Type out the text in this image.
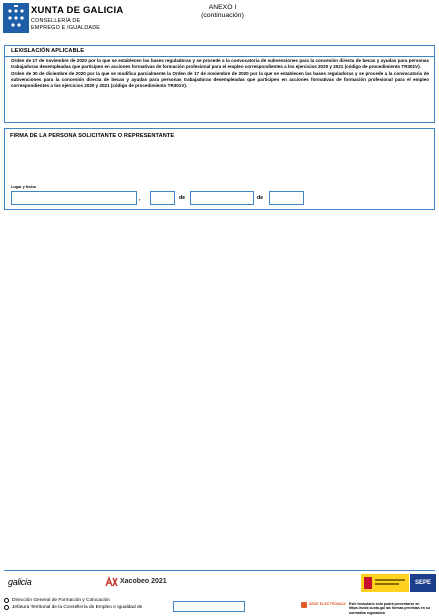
XUNTA DE GALICIA
CONSELLERÍA DE
EMPREGO E IGUALDADE
ANEXO I
(continuación)
LEXISLACIÓN APLICABLE

Orden de 17 de noviembre de 2020 por la que se establecen las bases reguladoras y se procede a la convocatoria de subvenciones para la concesión directa de becas y ayudas para personas trabajadoras desempleadas que participen en acciones formativas de formación profesional para el empleo correspondientes a los ejercicios 2020 y 2021 (código de procedimiento TR301V).

Orden de 30 de diciembre de 2020 por la que se modifica parcialmente la Orden de 17 de noviembre de 2020 por la que se establecen las bases reguladoras y se procede a la convocatoria de subvenciones para la concesión directa de becas y ayudas para personas trabajadoras desempleadas que participen en acciones formativas de formación profesional para el empleo correspondientes a los ejercicios 2020 y 2021 (código de procedimiento TR301V).

FIRMA DE LA PERSONA SOLICITANTE O REPRESENTANTE
Lugar y fecha
,	de	de
galicia	Xacobeo 2021	SEPE
Dirección General de Formación y Colocación
Jefatura Territorial de la Consellería de Empleo e Igualdad de
SEDE ELECTRÓNICA Este formulario sólo podrá presentarse en https://sede.xunta.gal las formas previstas en su normativa reguladora
